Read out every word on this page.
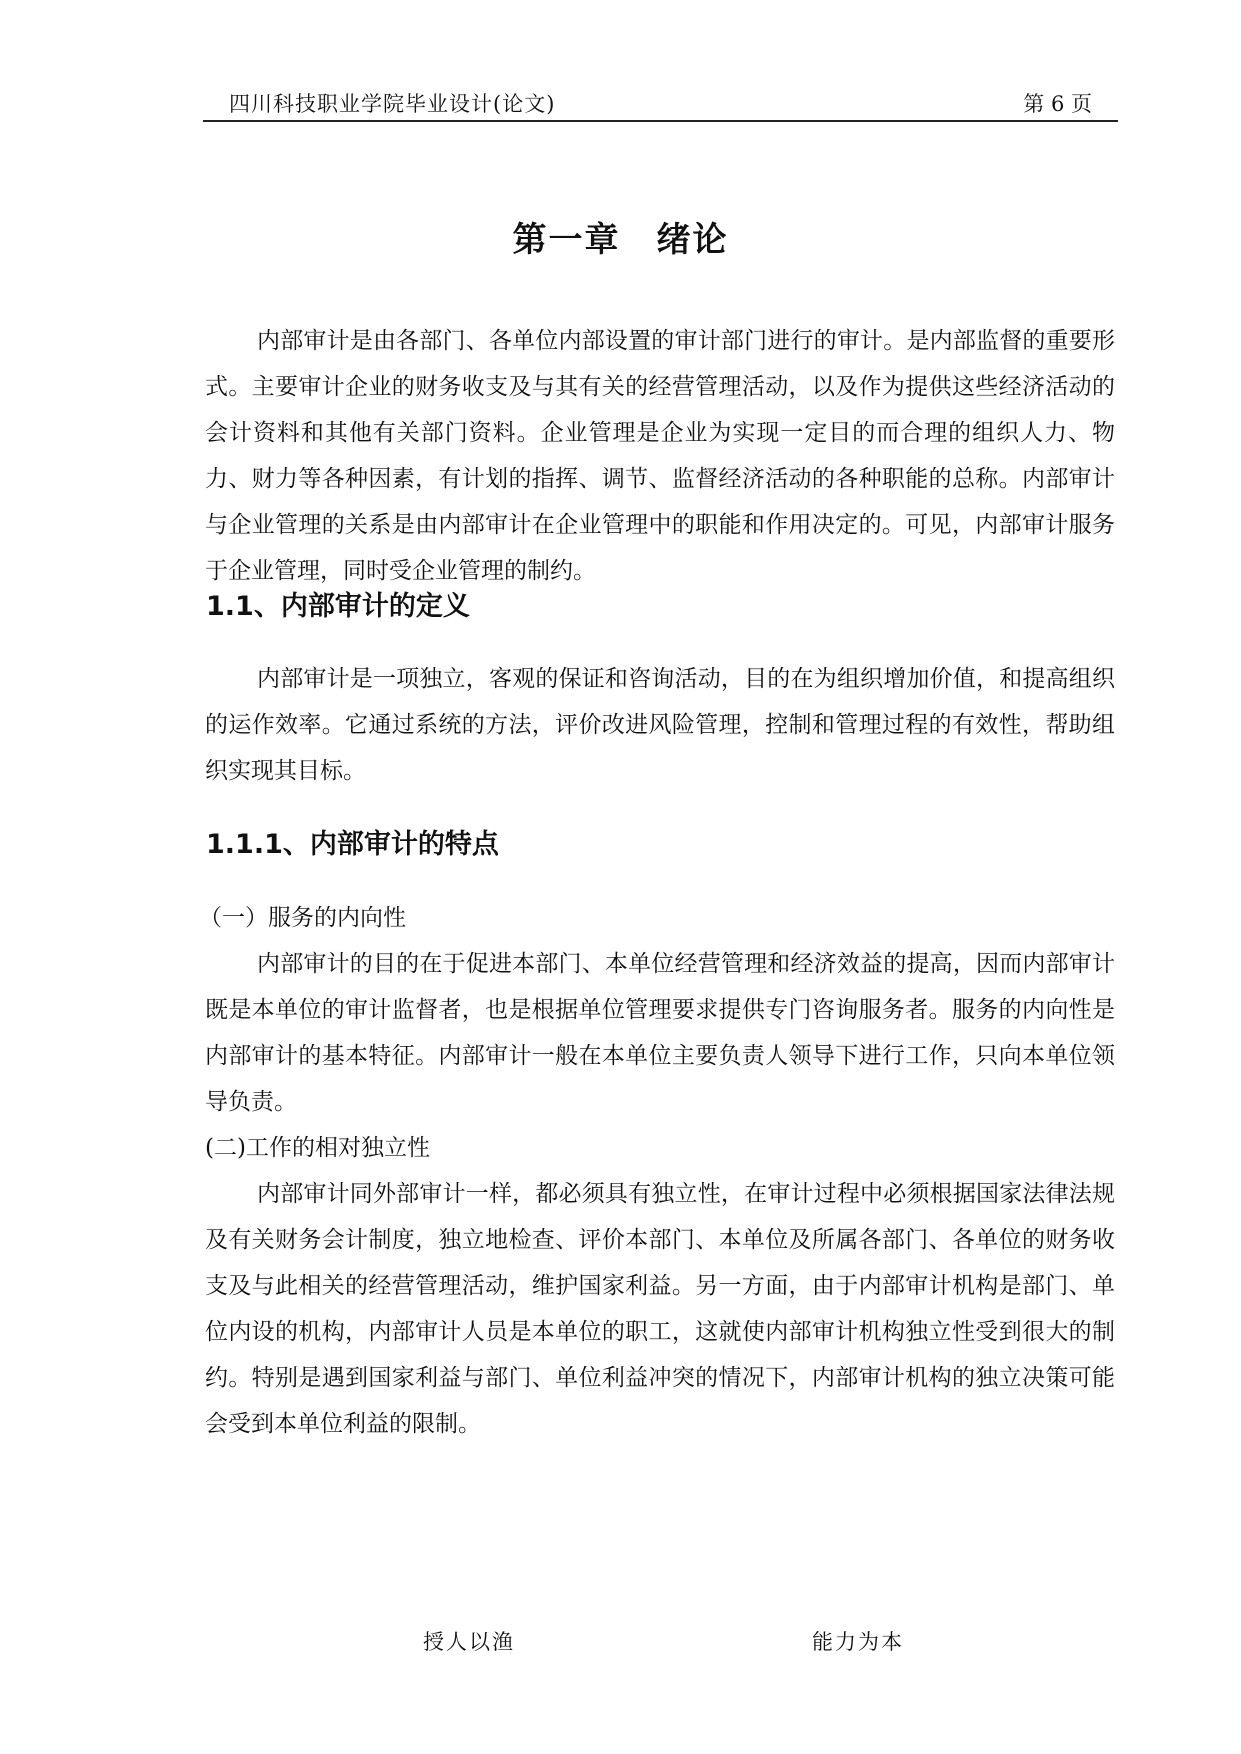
四川科技职业学院毕业设计(论文)	第 6 页
第一章　绪论

内部审计是由各部门、各单位内部设置的审计部门进行的审计。是内部监督的重要形式。主要审计企业的财务收支及与其有关的经营管理活动，以及作为提供这些经济活动的会计资料和其他有关部门资料。企业管理是企业为实现一定目的而合理的组织人力、物力、财力等各种因素，有计划的指挥、调节、监督经济活动的各种职能的总称。内部审计与企业管理的关系是由内部审计在企业管理中的职能和作用决定的。可见，内部审计服务于企业管理，同时受企业管理的制约。

1.1、内部审计的定义

内部审计是一项独立，客观的保证和咨询活动，目的在为组织增加价值，和提高组织的运作效率。它通过系统的方法，评价改进风险管理，控制和管理过程的有效性，帮助组织实现其目标。

1.1.1、内部审计的特点

（一）服务的内向性

内部审计的目的在于促进本部门、本单位经营管理和经济效益的提高，因而内部审计既是本单位的审计监督者，也是根据单位管理要求提供专门咨询服务者。服务的内向性是内部审计的基本特征。内部审计一般在本单位主要负责人领导下进行工作，只向本单位领导负责。

(二)工作的相对独立性

内部审计同外部审计一样，都必须具有独立性，在审计过程中必须根据国家法律法规及有关财务会计制度，独立地检查、评价本部门、本单位及所属各部门、各单位的财务收支及与此相关的经营管理活动，维护国家利益。另一方面，由于内部审计机构是部门、单位内设的机构，内部审计人员是本单位的职工，这就使内部审计机构独立性受到很大的制约。特别是遇到国家利益与部门、单位利益冲突的情况下，内部审计机构的独立决策可能会受到本单位利益的限制。

授人以渔	能力为本
